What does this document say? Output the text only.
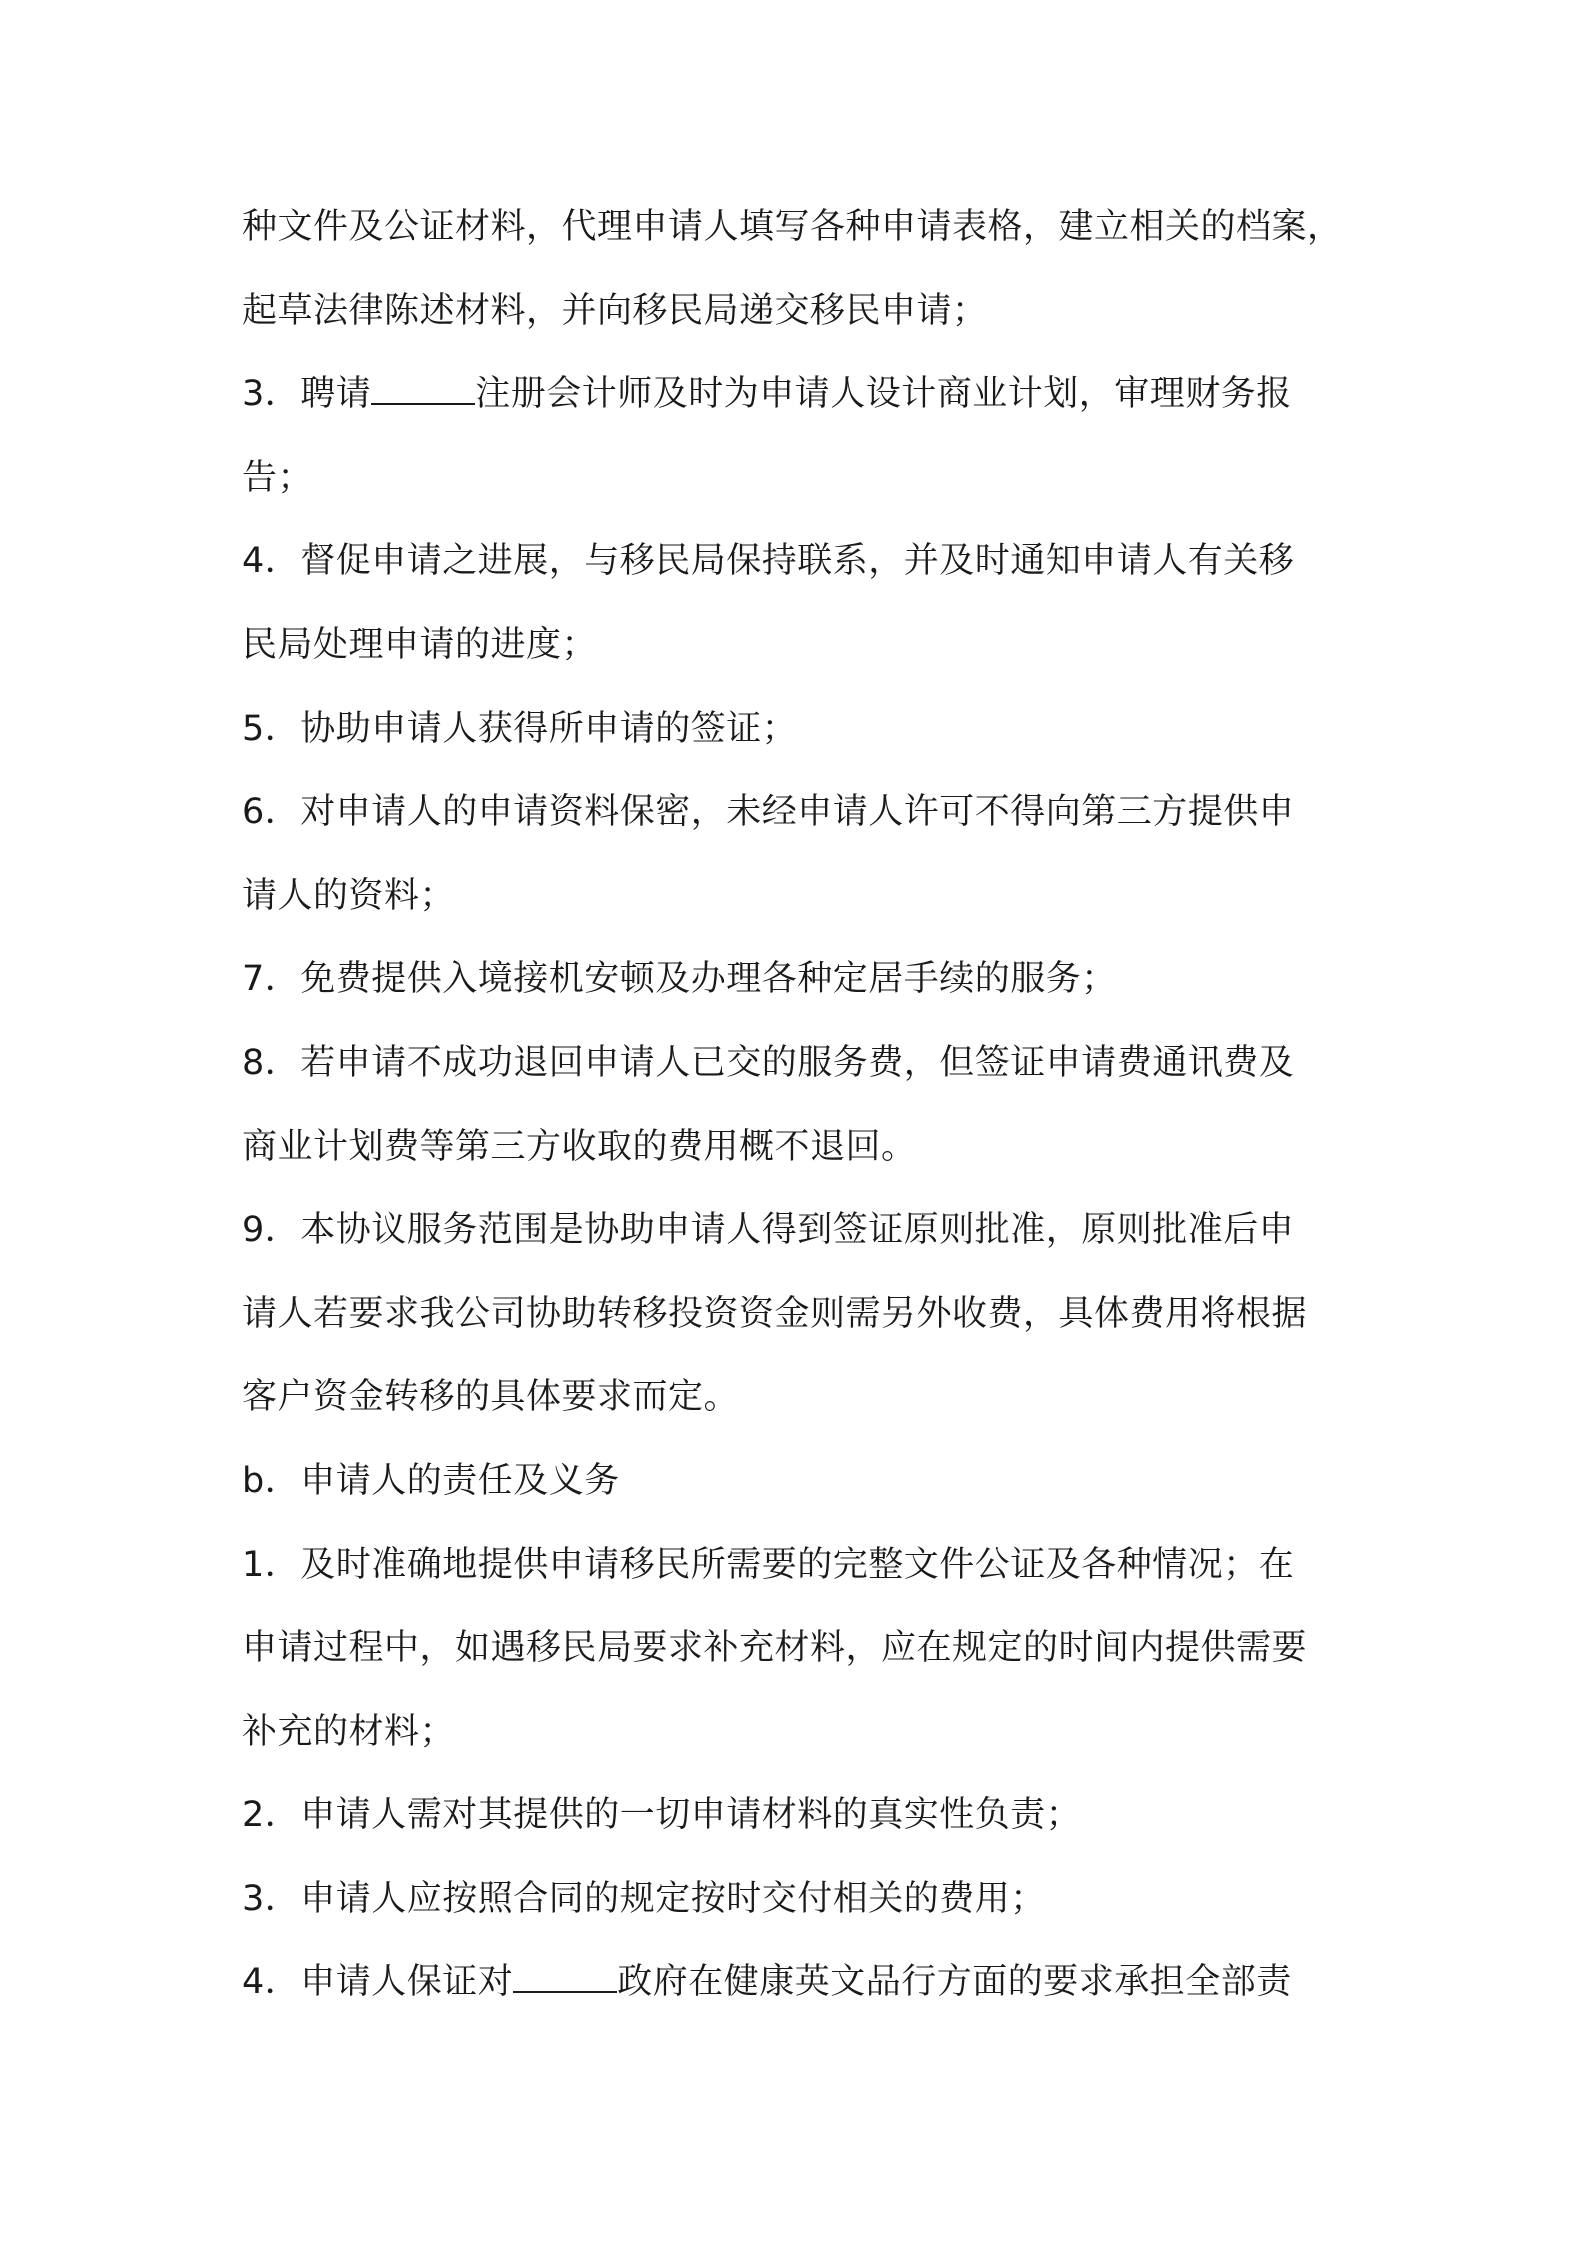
种文件及公证材料，代理申请人填写各种申请表格，建立相关的档案，
起草法律陈述材料，并向移民局递交移民申请；
3．聘请	注册会计师及时为申请人设计商业计划，审理财务报
告；
4．督促申请之进展，与移民局保持联系，并及时通知申请人有关移
民局处理申请的进度；
5．协助申请人获得所申请的签证；
6．对申请人的申请资料保密，未经申请人许可不得向第三方提供申
请人的资料；
7．免费提供入境接机安顿及办理各种定居手续的服务；
8．若申请不成功退回申请人已交的服务费，但签证申请费通讯费及
商业计划费等第三方收取的费用概不退回。
9．本协议服务范围是协助申请人得到签证原则批准，原则批准后申
请人若要求我公司协助转移投资资金则需另外收费，具体费用将根据
客户资金转移的具体要求而定。
b．申请人的责任及义务
1．及时准确地提供申请移民所需要的完整文件公证及各种情况；在
申请过程中，如遇移民局要求补充材料，应在规定的时间内提供需要
补充的材料；
2．申请人需对其提供的一切申请材料的真实性负责；
3．申请人应按照合同的规定按时交付相关的费用；
4．申请人保证对	政府在健康英文品行方面的要求承担全部责
